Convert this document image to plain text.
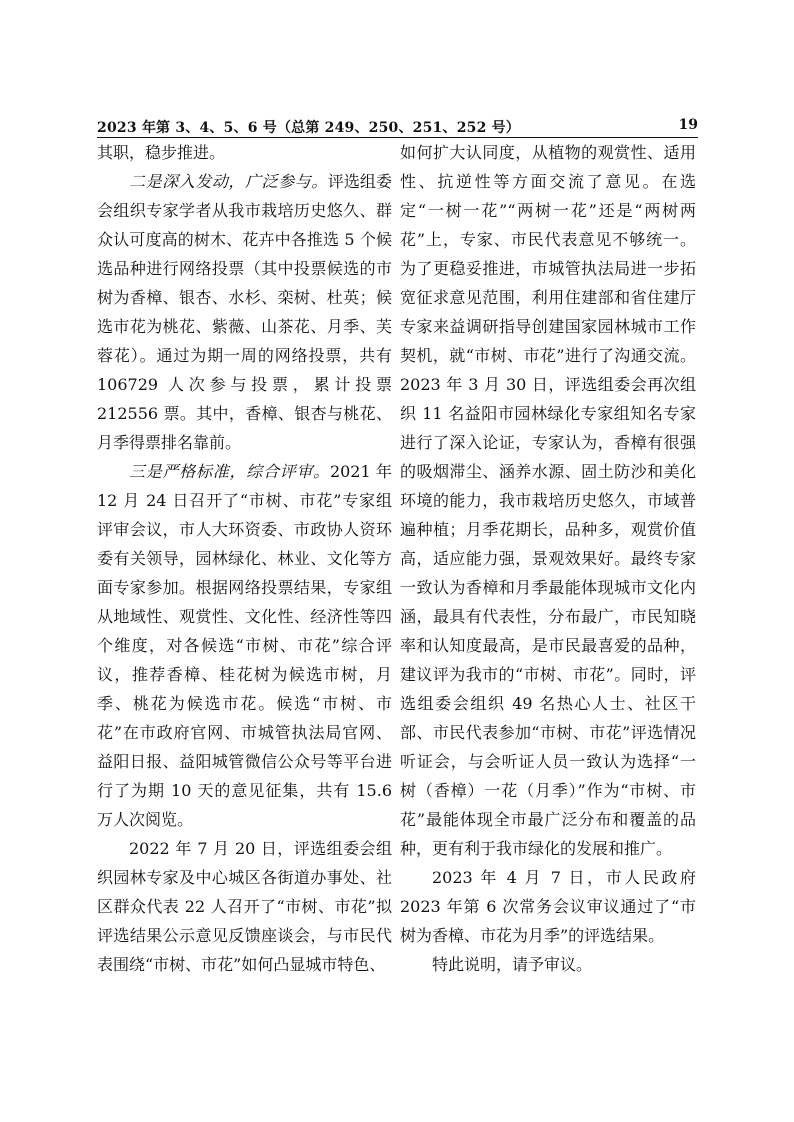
2023 年第 3、4、5、6 号（总第 249、250、251、252 号）	19

其职，稳步推进。

二是深入发动，广泛参与。评选组委会组织专家学者从我市栽培历史悠久、群众认可度高的树木、花卉中各推选 5 个候选品种进行网络投票（其中投票候选的市树为香樟、银杏、水杉、栾树、杜英；候选市花为桃花、紫薇、山茶花、月季、芙蓉花）。通过为期一周的网络投票，共有 106729 人次参与投票，累计投票 212556 票。其中，香樟、银杏与桃花、月季得票排名靠前。

三是严格标准，综合评审。2021 年 12 月 24 日召开了“市树、市花”专家组评审会议，市人大环资委、市政协人资环委有关领导，园林绿化、林业、文化等方面专家参加。根据网络投票结果，专家组从地域性、观赏性、文化性、经济性等四个维度，对各候选“市树、市花”综合评议，推荐香樟、桂花树为候选市树，月季、桃花为候选市花。候选“市树、市花”在市政府官网、市城管执法局官网、益阳日报、益阳城管微信公众号等平台进行了为期 10 天的意见征集，共有 15.6 万人次阅览。

2022 年 7 月 20 日，评选组委会组织园林专家及中心城区各街道办事处、社区群众代表 22 人召开了“市树、市花”拟评选结果公示意见反馈座谈会，与市民代表围绕“市树、市花”如何凸显城市特色、

如何扩大认同度，从植物的观赏性、适用性、抗逆性等方面交流了意见。在选定“一树一花”“两树一花”还是“两树两花”上，专家、市民代表意见不够统一。为了更稳妥推进，市城管执法局进一步拓宽征求意见范围，利用住建部和省住建厅专家来益调研指导创建国家园林城市工作契机，就“市树、市花”进行了沟通交流。2023 年 3 月 30 日，评选组委会再次组织 11 名益阳市园林绿化专家组知名专家进行了深入论证，专家认为，香樟有很强的吸烟滞尘、涵养水源、固土防沙和美化环境的能力，我市栽培历史悠久，市域普遍种植；月季花期长，品种多，观赏价值高，适应能力强，景观效果好。最终专家一致认为香樟和月季最能体现城市文化内涵，最具有代表性，分布最广，市民知晓率和认知度最高，是市民最喜爱的品种，建议评为我市的“市树、市花”。同时，评选组委会组织 49 名热心人士、社区干部、市民代表参加“市树、市花”评选情况听证会，与会听证人员一致认为选择“一树（香樟）一花（月季）”作为“市树、市花”最能体现全市最广泛分布和覆盖的品种，更有利于我市绿化的发展和推广。

2023 年 4 月 7 日，市人民政府 2023 年第 6 次常务会议审议通过了“市树为香樟、市花为月季”的评选结果。

特此说明，请予审议。
